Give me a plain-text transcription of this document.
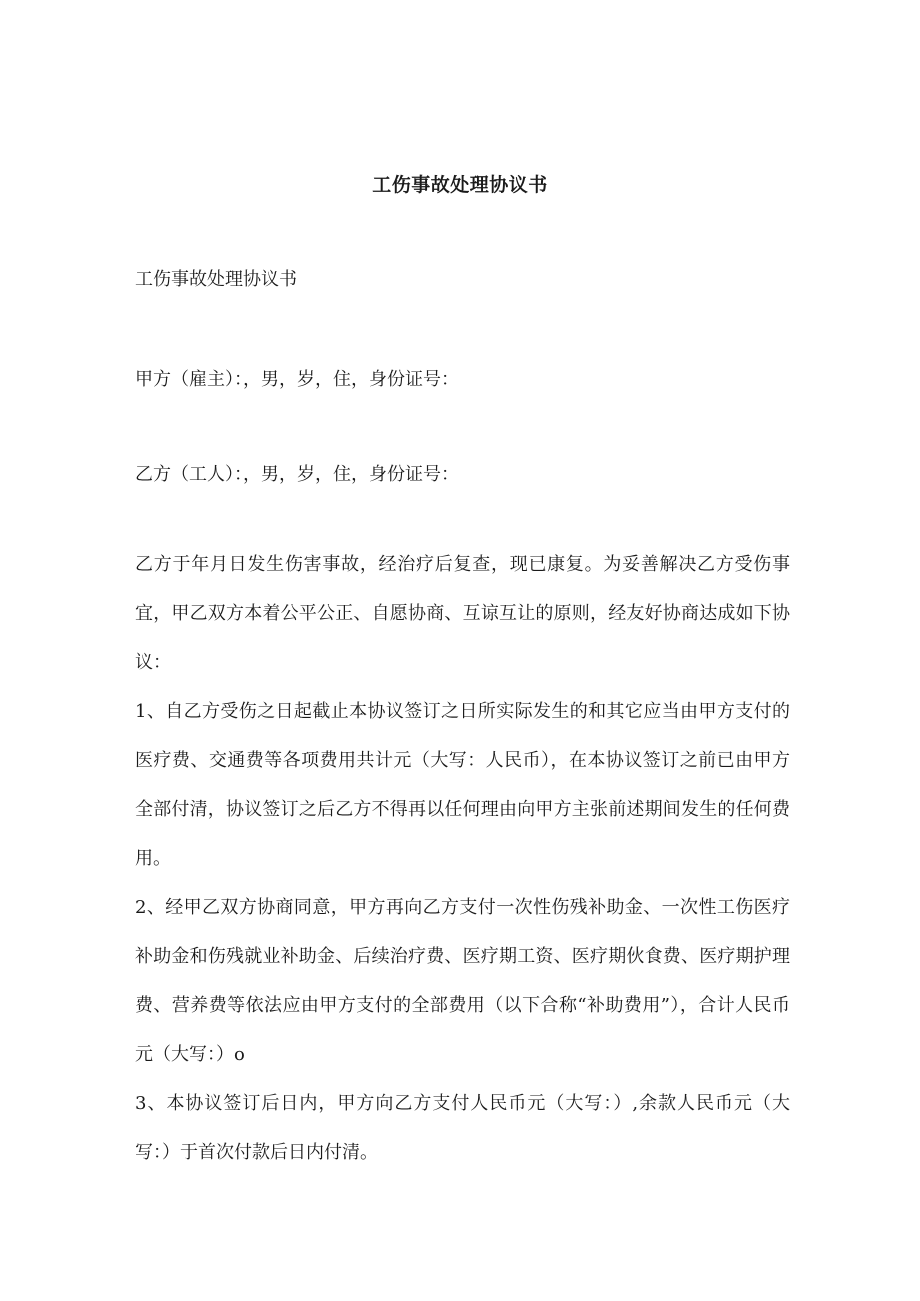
工伤事故处理协议书

工伤事故处理协议书

甲方（雇主）：，男，岁，住，身份证号：

乙方（工人）：，男，岁，住，身份证号：

乙方于年月日发生伤害事故，经治疗后复查，现已康复。为妥善解决乙方受伤事宜，甲乙双方本着公平公正、自愿协商、互谅互让的原则，经友好协商达成如下协议：

1、自乙方受伤之日起截止本协议签订之日所实际发生的和其它应当由甲方支付的医疗费、交通费等各项费用共计元（大写：人民币），在本协议签订之前已由甲方全部付清，协议签订之后乙方不得再以任何理由向甲方主张前述期间发生的任何费用。

2、经甲乙双方协商同意，甲方再向乙方支付一次性伤残补助金、一次性工伤医疗补助金和伤残就业补助金、后续治疗费、医疗期工资、医疗期伙食费、医疗期护理费、营养费等依法应由甲方支付的全部费用（以下合称“补助费用”），合计人民币元（大写：）o

3、本协议签订后日内，甲方向乙方支付人民币元（大写：）,余款人民币元（大写：）于首次付款后日内付清。
